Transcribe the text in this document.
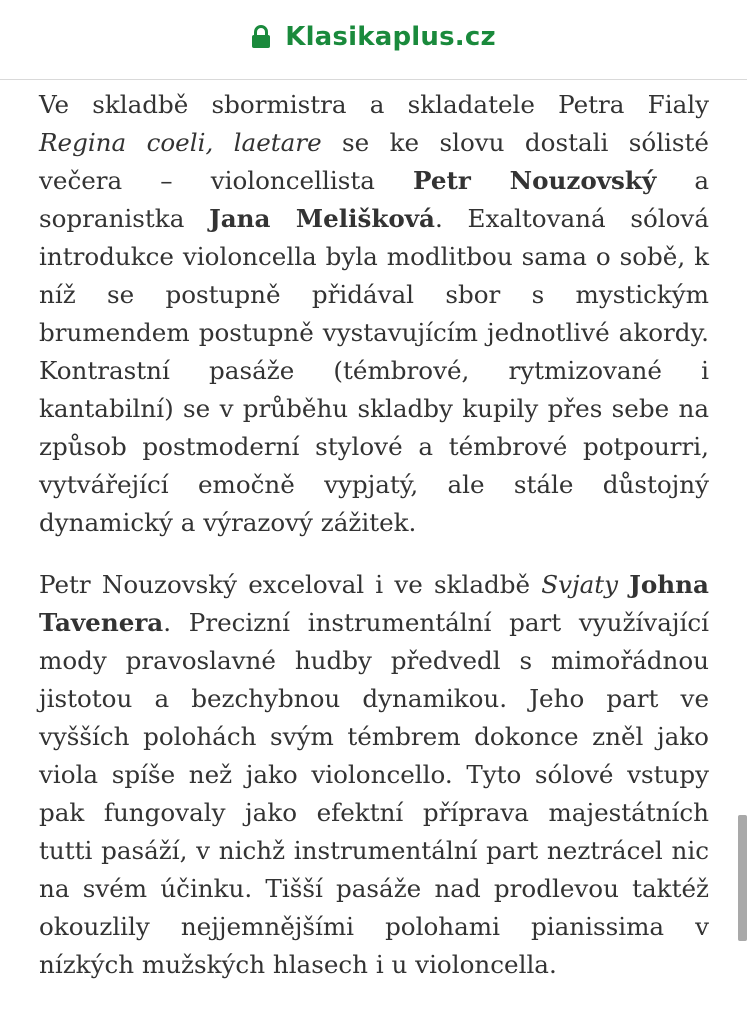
Klasikaplus.cz

Ve skladbě sbormistra a skladatele Petra Fialy Regina coeli, laetare se ke slovu dostali sólisté večera – violoncellista Petr Nouzovský a sopranistka Jana Melišková. Exaltovaná sólová introdukce violoncella byla modlitbou sama o sobě, k níž se postupně přidával sbor s mystickým brumendem postupně vystavujícím jednotlivé akordy. Kontrastní pasáže (témbrové, rytmizované i kantabilní) se v průběhu skladby kupily přes sebe na způsob postmoderní stylové a témbrové potpourri, vytvářející emočně vypjatý, ale stále důstojný dynamický a výrazový zážitek.

Petr Nouzovský exceloval i ve skladbě Svjaty Johna Tavenera. Precizní instrumentální part využívající mody pravoslavné hudby předvedl s mimořádnou jistotou a bezchybnou dynamikou. Jeho part ve vyšších polohách svým témbrem dokonce zněl jako viola spíše než jako violoncello. Tyto sólové vstupy pak fungovaly jako efektní příprava majestátních tutti pasáží, v nichž instrumentální part neztrácel nic na svém účinku. Tišší pasáže nad prodlevou taktéž okouzlily nejjemnějšími polohami pianissima v nízkých mužských hlasech i u violoncella.
